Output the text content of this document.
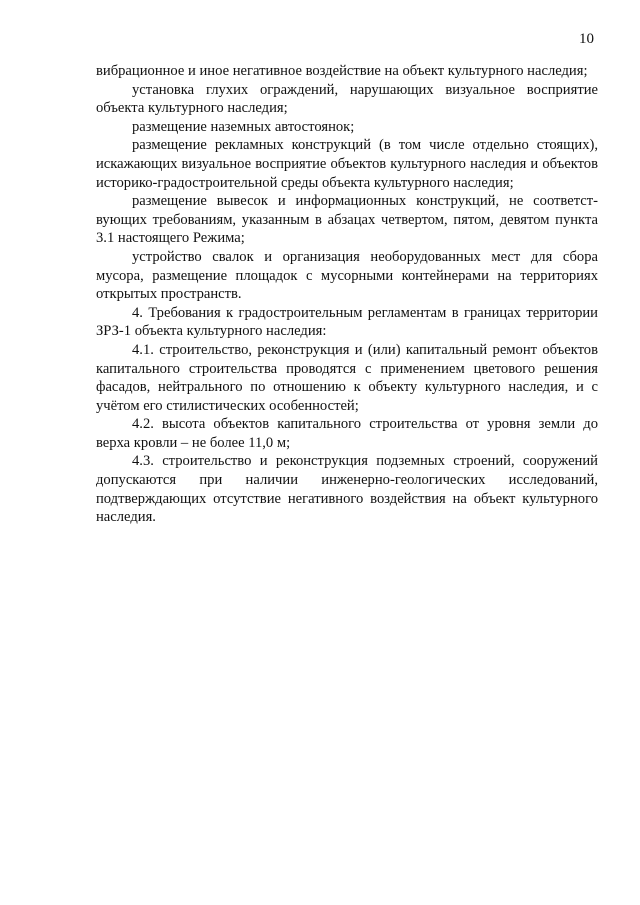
10

вибрационное и иное негативное воздействие на объект культурного наследия;

установка глухих ограждений, нарушающих визуальное восприятие объекта культурного наследия;

размещение наземных автостоянок;

размещение рекламных конструкций (в том числе отдельно стоящих), искажающих визуальное восприятие объектов культурного наследия и объектов историко-градостроительной среды объекта культурного наследия;

размещение вывесок и информационных конструкций, не соответствующих требованиям, указанным в абзацах четвертом, пятом, девятом пункта 3.1 настоящего Режима;

устройство свалок и организация необорудованных мест для сбора мусора, размещение площадок с мусорными контейнерами на территориях открытых пространств.

4. Требования к градостроительным регламентам в границах территории ЗРЗ-1 объекта культурного наследия:

4.1. строительство, реконструкция и (или) капитальный ремонт объектов капитального строительства проводятся с применением цветового решения фасадов, нейтрального по отношению к объекту культурного наследия, и с учётом его стилистических особенностей;

4.2. высота объектов капитального строительства от уровня земли до верха кровли – не более 11,0 м;

4.3. строительство и реконструкция подземных строений, сооружений допускаются при наличии инженерно-геологических исследований, подтверждающих отсутствие негативного воздействия на объект культурного наследия.
